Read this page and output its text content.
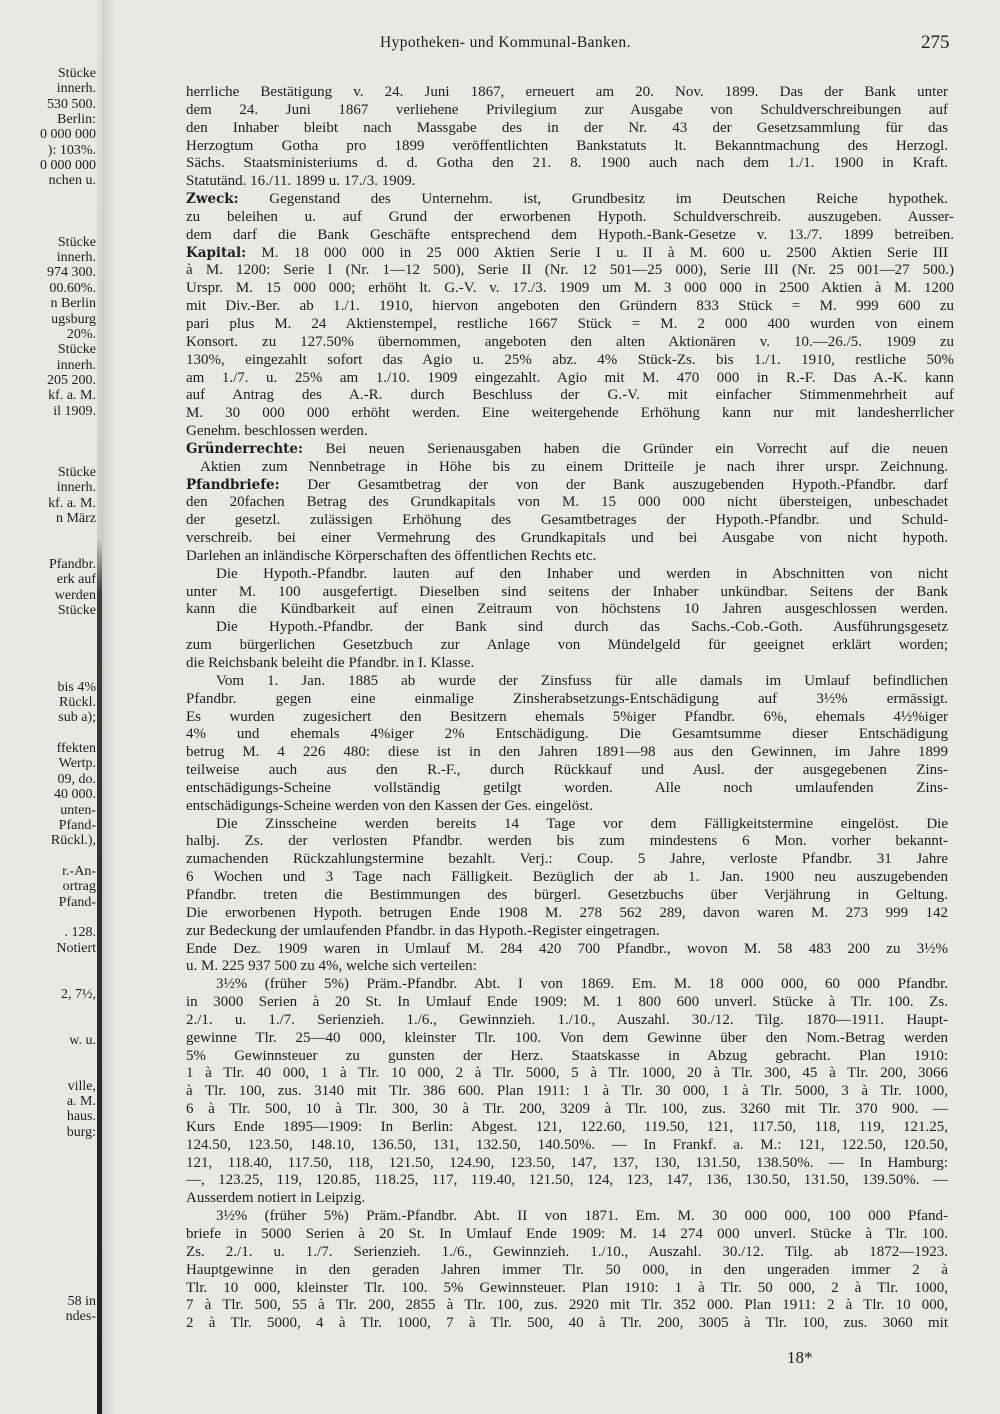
Hypotheken- und Kommunal-Banken.	275
Stücke
innerh.
530 500.
Berlin:
0 000 000
): 103%.
0 000 000
nchen u.
Stücke
innerh.
974 300.
00.60%.
n Berlin
ugsburg
20%.
Stücke
innerh.
205 200.
kf. a. M.
il 1909.
Stücke
innerh.
kf. a. M.
n März
Pfandbr.
erk auf
werden
Stücke
bis 4%
Rückl.
sub a);
ffekten
Wertp.
09, do.
40 000.
unten-
Pfand-
Rückl.),
r.-An-
ortrag
Pfand-
. 128.
Notiert
2, 7½,
w. u.
ville,
a. M.
haus.
burg:
58 in
ndes-
herrliche Bestätigung v. 24. Juni 1867, erneuert am 20. Nov. 1899. Das der Bank unter
dem 24. Juni 1867 verliehene Privilegium zur Ausgabe von Schuldverschreibungen auf
den Inhaber bleibt nach Massgabe des in der Nr. 43 der Gesetzsammlung für das
Herzogtum Gotha pro 1899 veröffentlichten Bankstatuts lt. Bekanntmachung des Herzogl.
Sächs. Staatsministeriums d. d. Gotha den 21. 8. 1900 auch nach dem 1./1. 1900 in Kraft.
Statutänd. 16./11. 1899 u. 17./3. 1909.
Zweck: Gegenstand des Unternehm. ist, Grundbesitz im Deutschen Reiche hypothek.
zu beleihen u. auf Grund der erworbenen Hypoth. Schuldverschreib. auszugeben. Ausser-
dem darf die Bank Geschäfte entsprechend dem Hypoth.-Bank-Gesetze v. 13./7. 1899 betreiben.
Kapital: M. 18 000 000 in 25 000 Aktien Serie I u. II à M. 600 u. 2500 Aktien Serie III
à M. 1200: Serie I (Nr. 1—12 500), Serie II (Nr. 12 501—25 000), Serie III (Nr. 25 001—27 500.)
Urspr. M. 15 000 000; erhöht lt. G.-V. v. 17./3. 1909 um M. 3 000 000 in 2500 Aktien à M. 1200
mit Div.-Ber. ab 1./1. 1910, hiervon angeboten den Gründern 833 Stück = M. 999 600 zu
pari plus M. 24 Aktienstempel, restliche 1667 Stück = M. 2 000 400 wurden von einem
Konsort. zu 127.50% übernommen, angeboten den alten Aktionären v. 10.—26./5. 1909 zu
130%, eingezahlt sofort das Agio u. 25% abz. 4% Stück-Zs. bis 1./1. 1910, restliche 50%
am 1./7. u. 25% am 1./10. 1909 eingezahlt. Agio mit M. 470 000 in R.-F. Das A.-K. kann
auf Antrag des A.-R. durch Beschluss der G.-V. mit einfacher Stimmenmehrheit auf
M. 30 000 000 erhöht werden. Eine weitergehende Erhöhung kann nur mit landesherrlicher
Genehm. beschlossen werden.
Gründerrechte: Bei neuen Serienausgaben haben die Gründer ein Vorrecht auf die neuen
Aktien zum Nennbetrage in Höhe bis zu einem Dritteile je nach ihrer urspr. Zeichnung.
Pfandbriefe: Der Gesamtbetrag der von der Bank auszugebenden Hypoth.-Pfandbr. darf
den 20fachen Betrag des Grundkapitals von M. 15 000 000 nicht übersteigen, unbeschadet
der gesetzl. zulässigen Erhöhung des Gesamtbetrages der Hypoth.-Pfandbr. und Schuld-
verschreib. bei einer Vermehrung des Grundkapitals und bei Ausgabe von nicht hypoth.
Darlehen an inländische Körperschaften des öffentlichen Rechts etc.
Die Hypoth.-Pfandbr. lauten auf den Inhaber und werden in Abschnitten von nicht
unter M. 100 ausgefertigt. Dieselben sind seitens der Inhaber unkündbar. Seitens der Bank
kann die Kündbarkeit auf einen Zeitraum von höchstens 10 Jahren ausgeschlossen werden.
Die Hypoth.-Pfandbr. der Bank sind durch das Sachs.-Cob.-Goth. Ausführungsgesetz
zum bürgerlichen Gesetzbuch zur Anlage von Mündelgeld für geeignet erklärt worden;
die Reichsbank beleiht die Pfandbr. in I. Klasse.
Vom 1. Jan. 1885 ab wurde der Zinsfuss für alle damals im Umlauf befindlichen
Pfandbr. gegen eine einmalige Zinsherabsetzungs-Entschädigung auf 3½% ermässigt.
Es wurden zugesichert den Besitzern ehemals 5%iger Pfandbr. 6%, ehemals 4½%iger
4% und ehemals 4%iger 2% Entschädigung. Die Gesamtsumme dieser Entschädigung
betrug M. 4 226 480: diese ist in den Jahren 1891—98 aus den Gewinnen, im Jahre 1899
teilweise auch aus den R.-F., durch Rückkauf und Ausl. der ausgegebenen Zins-
entschädigungs-Scheine vollständig getilgt worden. Alle noch umlaufenden Zins-
entschädigungs-Scheine werden von den Kassen der Ges. eingelöst.
Die Zinsscheine werden bereits 14 Tage vor dem Fälligkeitstermine eingelöst. Die
halbj. Zs. der verlosten Pfandbr. werden bis zum mindestens 6 Mon. vorher bekannt-
zumachenden Rückzahlungstermine bezahlt. Verj.: Coup. 5 Jahre, verloste Pfandbr. 31 Jahre
6 Wochen und 3 Tage nach Fälligkeit. Bezüglich der ab 1. Jan. 1900 neu auszugebenden
Pfandbr. treten die Bestimmungen des bürgerl. Gesetzbuchs über Verjährung in Geltung.
Die erworbenen Hypoth. betrugen Ende 1908 M. 278 562 289, davon waren M. 273 999 142
zur Bedeckung der umlaufenden Pfandbr. in das Hypoth.-Register eingetragen.
Ende Dez. 1909 waren in Umlauf M. 284 420 700 Pfandbr., wovon M. 58 483 200 zu 3½%
u. M. 225 937 500 zu 4%, welche sich verteilen:
3½% (früher 5%) Präm.-Pfandbr. Abt. I von 1869. Em. M. 18 000 000, 60 000 Pfandbr.
in 3000 Serien à 20 St. In Umlauf Ende 1909: M. 1 800 600 unverl. Stücke à Tlr. 100. Zs.
2./1. u. 1./7. Serienzieh. 1./6., Gewinnzieh. 1./10., Auszahl. 30./12. Tilg. 1870—1911. Haupt-
gewinne Tlr. 25—40 000, kleinster Tlr. 100. Von dem Gewinne über den Nom.-Betrag werden
5% Gewinnsteuer zu gunsten der Herz. Staatskasse in Abzug gebracht. Plan 1910:
1 à Tlr. 40 000, 1 à Tlr. 10 000, 2 à Tlr. 5000, 5 à Tlr. 1000, 20 à Tlr. 300, 45 à Tlr. 200, 3066
à Tlr. 100, zus. 3140 mit Tlr. 386 600. Plan 1911: 1 à Tlr. 30 000, 1 à Tlr. 5000, 3 à Tlr. 1000,
6 à Tlr. 500, 10 à Tlr. 300, 30 à Tlr. 200, 3209 à Tlr. 100, zus. 3260 mit Tlr. 370 900. —
Kurs Ende 1895—1909: In Berlin: Abgest. 121, 122.60, 119.50, 121, 117.50, 118, 119, 121.25,
124.50, 123.50, 148.10, 136.50, 131, 132.50, 140.50%. — In Frankf. a. M.: 121, 122.50, 120.50,
121, 118.40, 117.50, 118, 121.50, 124.90, 123.50, 147, 137, 130, 131.50, 138.50%. — In Hamburg:
—, 123.25, 119, 120.85, 118.25, 117, 119.40, 121.50, 124, 123, 147, 136, 130.50, 131.50, 139.50%. —
Ausserdem notiert in Leipzig.
3½% (früher 5%) Präm.-Pfandbr. Abt. II von 1871. Em. M. 30 000 000, 100 000 Pfand-
briefe in 5000 Serien à 20 St. In Umlauf Ende 1909: M. 14 274 000 unverl. Stücke à Tlr. 100.
Zs. 2./1. u. 1./7. Serienzieh. 1./6., Gewinnzieh. 1./10., Auszahl. 30./12. Tilg. ab 1872—1923.
Hauptgewinne in den geraden Jahren immer Tlr. 50 000, in den ungeraden immer 2 à
Tlr. 10 000, kleinster Tlr. 100. 5% Gewinnsteuer. Plan 1910: 1 à Tlr. 50 000, 2 à Tlr. 1000,
7 à Tlr. 500, 55 à Tlr. 200, 2855 à Tlr. 100, zus. 2920 mit Tlr. 352 000. Plan 1911: 2 à Tlr. 10 000,
2 à Tlr. 5000, 4 à Tlr. 1000, 7 à Tlr. 500, 40 à Tlr. 200, 3005 à Tlr. 100, zus. 3060 mit
18*
